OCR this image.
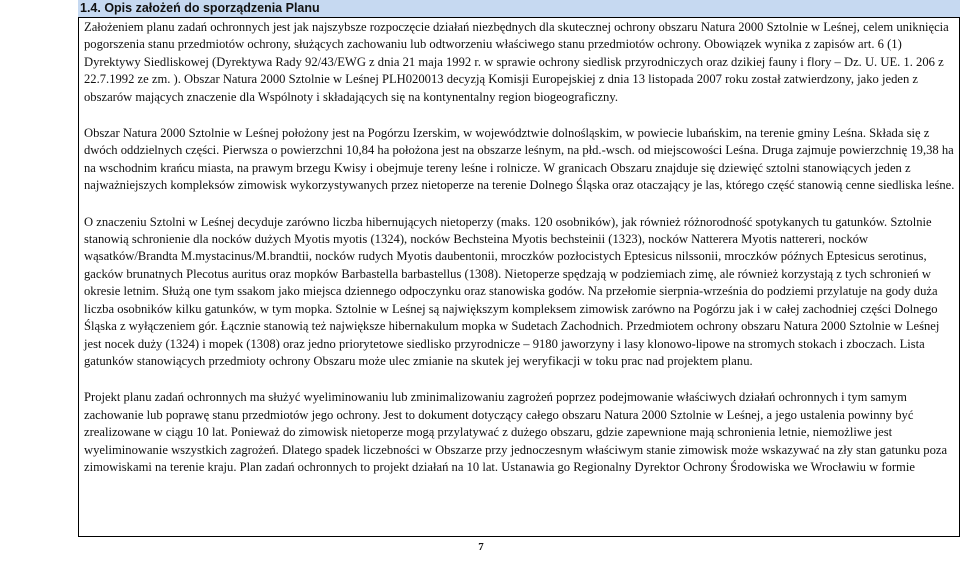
1.4. Opis założeń do sporządzenia Planu

Założeniem planu zadań ochronnych jest jak najszybsze rozpoczęcie działań niezbędnych dla skutecznej ochrony obszaru Natura 2000 Sztolnie w Leśnej, celem uniknięcia pogorszenia stanu przedmiotów ochrony, służących zachowaniu lub odtworzeniu właściwego stanu przedmiotów ochrony. Obowiązek wynika z zapisów art. 6 (1) Dyrektywy Siedliskowej (Dyrektywa Rady 92/43/EWG z dnia 21 maja 1992 r. w sprawie ochrony siedlisk przyrodniczych oraz dzikiej fauny i flory – Dz. U. UE. 1. 206 z 22.7.1992 ze zm. ). Obszar Natura 2000 Sztolnie w Leśnej PLH020013 decyzją Komisji Europejskiej z dnia 13 listopada 2007 roku został zatwierdzony, jako jeden z obszarów mających znaczenie dla Wspólnoty i składających się na kontynentalny region biogeograficzny.

Obszar Natura 2000 Sztolnie w Leśnej położony jest na Pogórzu Izerskim, w województwie dolnośląskim, w powiecie lubańskim, na terenie gminy Leśna. Składa się z dwóch oddzielnych części. Pierwsza o powierzchni 10,84 ha położona jest na obszarze leśnym, na płd.-wsch. od miejscowości Leśna. Druga zajmuje powierzchnię 19,38 ha na wschodnim krańcu miasta, na prawym brzegu Kwisy i obejmuje tereny leśne i rolnicze. W granicach Obszaru znajduje się dziewięć sztolni stanowiących jeden z najważniejszych kompleksów zimowisk wykorzystywanych przez nietoperze na terenie Dolnego Śląska oraz otaczający je las, którego część stanowią cenne siedliska leśne.

O znaczeniu Sztolni w Leśnej decyduje zarówno liczba hibernujących nietoperzy (maks. 120 osobników), jak również różnorodność spotykanych tu gatunków. Sztolnie stanowią schronienie dla nocków dużych Myotis myotis (1324), nocków Bechsteina Myotis bechsteinii (1323), nocków Natterera Myotis nattereri, nocków wąsatków/Brandta M.mystacinus/M.brandtii, nocków rudych Myotis daubentonii, mroczków pozłocistych Eptesicus nilssonii, mroczków późnych Eptesicus serotinus, gacków brunatnych Plecotus auritus oraz mopków Barbastella barbastellus (1308). Nietoperze spędzają w podziemiach zimę, ale również korzystają z tych schronień w okresie letnim. Służą one tym ssakom jako miejsca dziennego odpoczynku oraz stanowiska godów. Na przełomie sierpnia-września do podziemi przylatuje na gody duża liczba osobników kilku gatunków, w tym mopka. Sztolnie w Leśnej są największym kompleksem zimowisk zarówno na Pogórzu jak i w całej zachodniej części Dolnego Śląska z wyłączeniem gór. Łącznie stanowią też największe hibernakulum mopka w Sudetach Zachodnich. Przedmiotem ochrony obszaru Natura 2000 Sztolnie w Leśnej jest nocek duży (1324) i mopek (1308) oraz jedno priorytetowe siedlisko przyrodnicze – 9180 jaworzyny i lasy klonowo-lipowe na stromych stokach i zboczach. Lista gatunków stanowiących przedmioty ochrony Obszaru może ulec zmianie na skutek jej weryfikacji w toku prac nad projektem planu.

Projekt planu zadań ochronnych ma służyć wyeliminowaniu lub zminimalizowaniu zagrożeń poprzez podejmowanie właściwych działań ochronnych i tym samym zachowanie lub poprawę stanu przedmiotów jego ochrony. Jest to dokument dotyczący całego obszaru Natura 2000 Sztolnie w Leśnej, a jego ustalenia powinny być zrealizowane w ciągu 10 lat. Ponieważ do zimowisk nietoperze mogą przylatywać z dużego obszaru, gdzie zapewnione mają schronienia letnie, niemożliwe jest wyeliminowanie wszystkich zagrożeń. Dlatego spadek liczebności w Obszarze przy jednoczesnym właściwym stanie zimowisk może wskazywać na zły stan gatunku poza zimowiskami na terenie kraju. Plan zadań ochronnych to projekt działań na 10 lat. Ustanawia go Regionalny Dyrektor Ochrony Środowiska we Wrocławiu w formie

7
